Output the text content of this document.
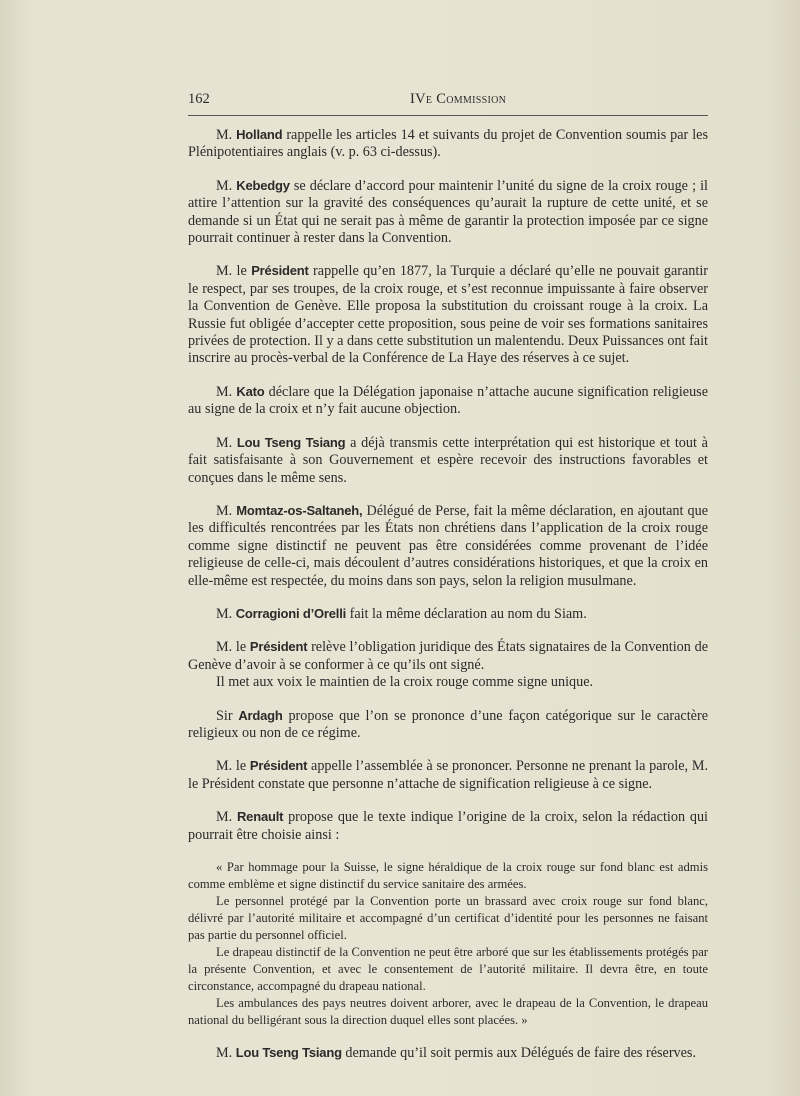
162	IVe Commission

M. Holland rappelle les articles 14 et suivants du projet de Convention soumis par les Plénipotentiaires anglais (v. p. 63 ci-dessus).

M. Kebedgy se déclare d’accord pour maintenir l’unité du signe de la croix rouge ; il attire l’attention sur la gravité des conséquences qu’aurait la rupture de cette unité, et se demande si un État qui ne serait pas à même de garantir la protection imposée par ce signe pourrait continuer à rester dans la Convention.

M. le Président rappelle qu’en 1877, la Turquie a déclaré qu’elle ne pouvait garantir le respect, par ses troupes, de la croix rouge, et s’est reconnue impuissante à faire observer la Convention de Genève. Elle proposa la substitution du croissant rouge à la croix. La Russie fut obligée d’accepter cette proposition, sous peine de voir ses formations sanitaires privées de protection. Il y a dans cette substitution un malentendu. Deux Puissances ont fait inscrire au procès-verbal de la Conférence de La Haye des réserves à ce sujet.

M. Kato déclare que la Délégation japonaise n’attache aucune signification religieuse au signe de la croix et n’y fait aucune objection.

M. Lou Tseng Tsiang a déjà transmis cette interprétation qui est historique et tout à fait satisfaisante à son Gouvernement et espère recevoir des instructions favorables et conçues dans le même sens.

M. Momtaz-os-Saltaneh, Délégué de Perse, fait la même déclaration, en ajoutant que les difficultés rencontrées par les États non chrétiens dans l’application de la croix rouge comme signe distinctif ne peuvent pas être considérées comme provenant de l’idée religieuse de celle-ci, mais découlent d’autres considérations historiques, et que la croix en elle-même est respectée, du moins dans son pays, selon la religion musulmane.

M. Corragioni d’Orelli fait la même déclaration au nom du Siam.

M. le Président relève l’obligation juridique des États signataires de la Convention de Genève d’avoir à se conformer à ce qu’ils ont signé.

Il met aux voix le maintien de la croix rouge comme signe unique.

Sir Ardagh propose que l’on se prononce d’une façon catégorique sur le caractère religieux ou non de ce régime.

M. le Président appelle l’assemblée à se prononcer. Personne ne prenant la parole, M. le Président constate que personne n’attache de signification religieuse à ce signe.

M. Renault propose que le texte indique l’origine de la croix, selon la rédaction qui pourrait être choisie ainsi :

« Par hommage pour la Suisse, le signe héraldique de la croix rouge sur fond blanc est admis comme emblème et signe distinctif du service sanitaire des armées.

Le personnel protégé par la Convention porte un brassard avec croix rouge sur fond blanc, délivré par l’autorité militaire et accompagné d’un certificat d’identité pour les personnes ne faisant pas partie du personnel officiel.

Le drapeau distinctif de la Convention ne peut être arboré que sur les établissements protégés par la présente Convention, et avec le consentement de l’autorité militaire. Il devra être, en toute circonstance, accompagné du drapeau national.

Les ambulances des pays neutres doivent arborer, avec le drapeau de la Convention, le drapeau national du belligérant sous la direction duquel elles sont placées. »

M. Lou Tseng Tsiang demande qu’il soit permis aux Délégués de faire des réserves.
